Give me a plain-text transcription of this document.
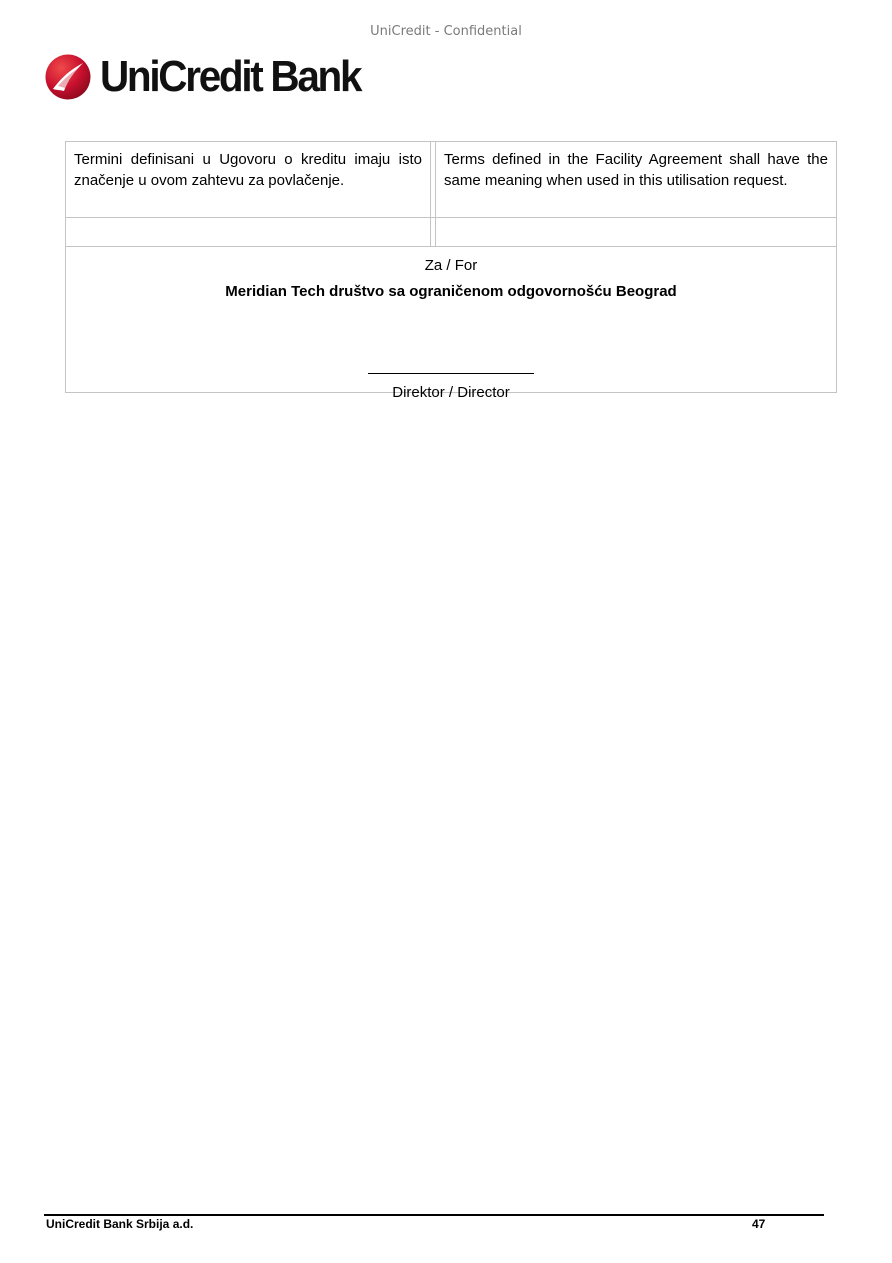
UniCredit - Confidential
UniCredit Bank
Termini definisani u Ugovoru o kreditu imaju isto značenje u ovom zahtevu za povlačenje.		Terms defined in the Facility Agreement shall have the same meaning when used in this utilisation request.

Za / For
Meridian Tech društvo sa ograničenom odgovornošću Beograd
Direktor / Director		
UniCredit Bank Srbija a.d.	47
